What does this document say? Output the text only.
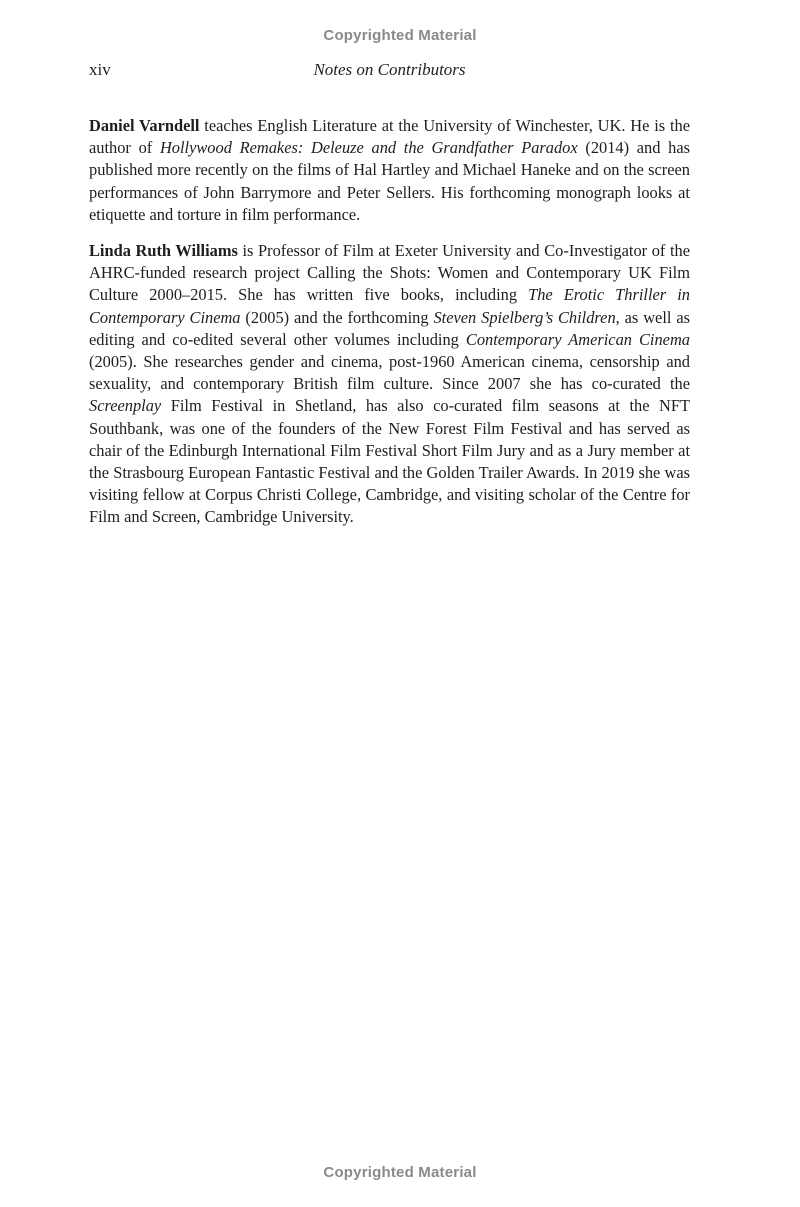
Copyrighted Material
xiv	Notes on Contributors

Daniel Varndell teaches English Literature at the University of Winchester, UK. He is the author of Hollywood Remakes: Deleuze and the Grandfather Paradox (2014) and has published more recently on the films of Hal Hartley and Michael Haneke and on the screen performances of John Barrymore and Peter Sellers. His forthcoming monograph looks at etiquette and torture in film performance.

Linda Ruth Williams is Professor of Film at Exeter University and Co-Investigator of the AHRC-funded research project Calling the Shots: Women and Contemporary UK Film Culture 2000–2015. She has written five books, including The Erotic Thriller in Contemporary Cinema (2005) and the forthcoming Steven Spielberg’s Children, as well as editing and co-edited several other volumes including Contemporary American Cinema (2005). She researches gender and cinema, post-1960 American cinema, censorship and sexuality, and contemporary British film culture. Since 2007 she has co-curated the Screenplay Film Festival in Shetland, has also co-curated film seasons at the NFT Southbank, was one of the founders of the New Forest Film Festival and has served as chair of the Edinburgh International Film Festival Short Film Jury and as a Jury member at the Strasbourg European Fantastic Festival and the Golden Trailer Awards. In 2019 she was visiting fellow at Corpus Christi College, Cambridge, and visiting scholar of the Centre for Film and Screen, Cambridge University.

Copyrighted Material
